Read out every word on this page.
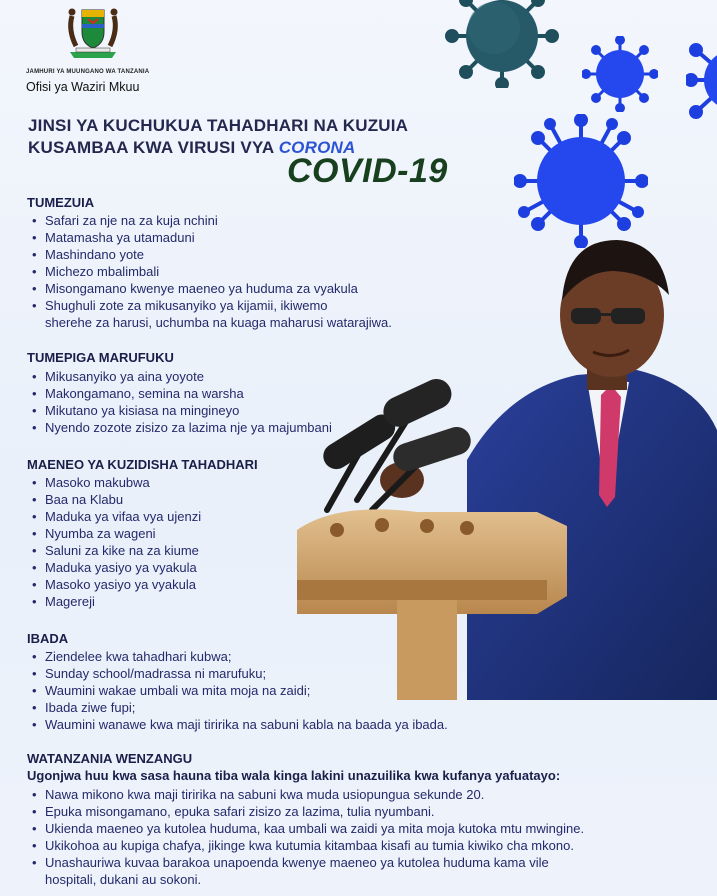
JAMHURI YA MUUNGANO WA TANZANIA
Ofisi ya Waziri Mkuu
JINSI YA KUCHUKUA TAHADHARI NA KUZUIA
KUSAMBAA KWA VIRUSI VYA CORONA
COVID-19
TUMEZUIA
• Safari za nje na za kuja nchini
• Matamasha ya utamaduni
• Mashindano yote
• Michezo mbalimbali
• Misongamano kwenye maeneo ya huduma za vyakula
• Shughuli zote za mikusanyiko ya kijamii, ikiwemo
sherehe za harusi, uchumba na kuaga maharusi watarajiwa.
TUMEPIGA MARUFUKU
• Mikusanyiko ya aina yoyote
• Makongamano, semina na warsha
• Mikutano ya kisiasa na mingineyo
• Nyendo zozote zisizo za lazima nje ya majumbani
MAENEO YA KUZIDISHA TAHADHARI
• Masoko makubwa
• Baa na Klabu
• Maduka ya vifaa vya ujenzi
• Nyumba za wageni
• Saluni za kike na za kiume
• Maduka yasiyo ya vyakula
• Masoko yasiyo ya vyakula
• Magereji
IBADA
• Ziendelee kwa tahadhari kubwa;
• Sunday school/madrassa ni marufuku;
• Waumini wakae umbali wa mita moja na zaidi;
• Ibada ziwe fupi;
• Waumini wanawe kwa maji tiririka na sabuni kabla na baada ya ibada.
WATANZANIA WENZANGU
Ugonjwa huu kwa sasa hauna tiba wala kinga lakini unazuilika kwa kufanya yafuatayo:
• Nawa mikono kwa maji tiririka na sabuni kwa muda usiopungua sekunde 20.
• Epuka misongamano, epuka safari zisizo za lazima, tulia nyumbani.
• Ukienda maeneo ya kutolea huduma, kaa umbali wa zaidi ya mita moja kutoka mtu mwingine.
• Ukikohoa au kupiga chafya, jikinge kwa kutumia kitambaa kisafi au tumia kiwiko cha mkono.
• Unashauriwa kuvaa barakoa unapoenda kwenye maeneo ya kutolea huduma kama vile
hospitali, dukani au sokoni.
